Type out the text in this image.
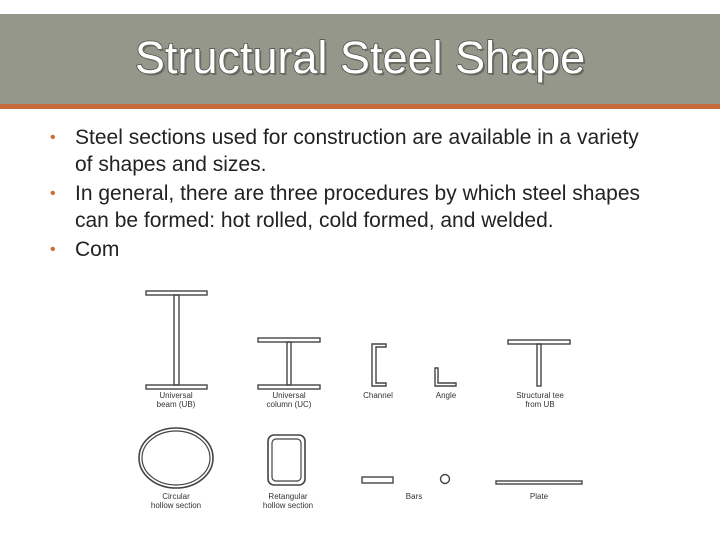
Structural Steel Shape
• Steel sections used for construction are available in a variety of shapes and sizes.
• In general, there are three procedures by which steel shapes can be formed: hot rolled, cold formed, and welded.
• Com
Universal
beam (UB)
Universal
column (UC)
Channel	Angle	Structural tee
from UB
Circular
hollow section
Retangular
hollow section
Bars	Plate
